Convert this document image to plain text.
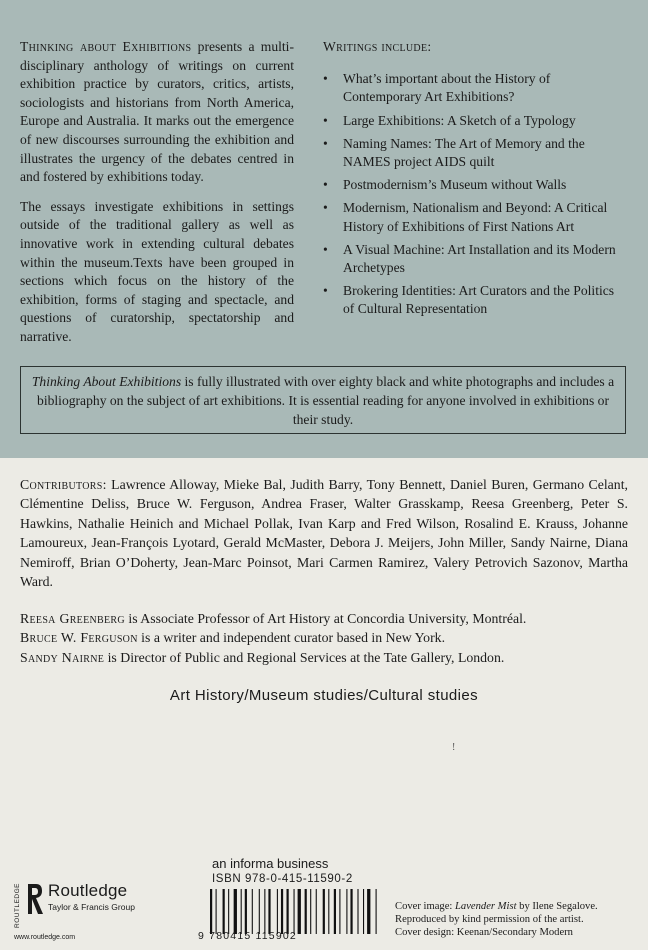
Thinking about Exhibitions presents a multi-disciplinary anthology of writings on current exhibition practice by curators, critics, artists, sociologists and historians from North America, Europe and Australia. It marks out the emergence of new discourses surrounding the exhibition and illustrates the urgency of the debates centred in and fostered by exhibitions today.

The essays investigate exhibitions in settings outside of the traditional gallery as well as innovative work in extending cultural debates within the museum.Texts have been grouped in sections which focus on the history of the exhibition, forms of staging and spectacle, and questions of curatorship, spectatorship and narrative.

Writings include:
• What’s important about the History of Contemporary Art Exhibitions?
• Large Exhibitions: A Sketch of a Typology
• Naming Names: The Art of Memory and the NAMES project AIDS quilt
• Postmodernism’s Museum without Walls
• Modernism, Nationalism and Beyond: A Critical History of Exhibitions of First Nations Art
• A Visual Machine: Art Installation and its Modern Archetypes
• Brokering Identities: Art Curators and the Politics of Cultural Representation
Thinking About Exhibitions is fully illustrated with over eighty black and white photographs and includes a bibliography on the subject of art exhibitions. It is essential reading for anyone involved in exhibitions or their study.
Contributors: Lawrence Alloway, Mieke Bal, Judith Barry, Tony Bennett, Daniel Buren, Germano Celant, Clémentine Deliss, Bruce W. Ferguson, Andrea Fraser, Walter Grasskamp, Reesa Greenberg, Peter S. Hawkins, Nathalie Heinich and Michael Pollak, Ivan Karp and Fred Wilson, Rosalind E. Krauss, Johanne Lamoureux, Jean-François Lyotard, Gerald McMaster, Debora J. Meijers, John Miller, Sandy Nairne, Diana Nemiroff, Brian O’Doherty, Jean-Marc Poinsot, Mari Carmen Ramirez, Valery Petrovich Sazonov, Martha Ward.
Reesa Greenberg is Associate Professor of Art History at Concordia University, Montréal.
Bruce W. Ferguson is a writer and independent curator based in New York.
Sandy Nairne is Director of Public and Regional Services at the Tate Gallery, London.
Art History/Museum studies/Cultural studies
!
ROUTLEDGE Routledge
Taylor & Francis Group
www.routledge.com
an informa business
ISBN 978-0-415-11590-2
9 780415 115902
Cover image: Lavender Mist by Ilene Segalove.
Reproduced by kind permission of the artist.
Cover design: Keenan/Secondary Modern
